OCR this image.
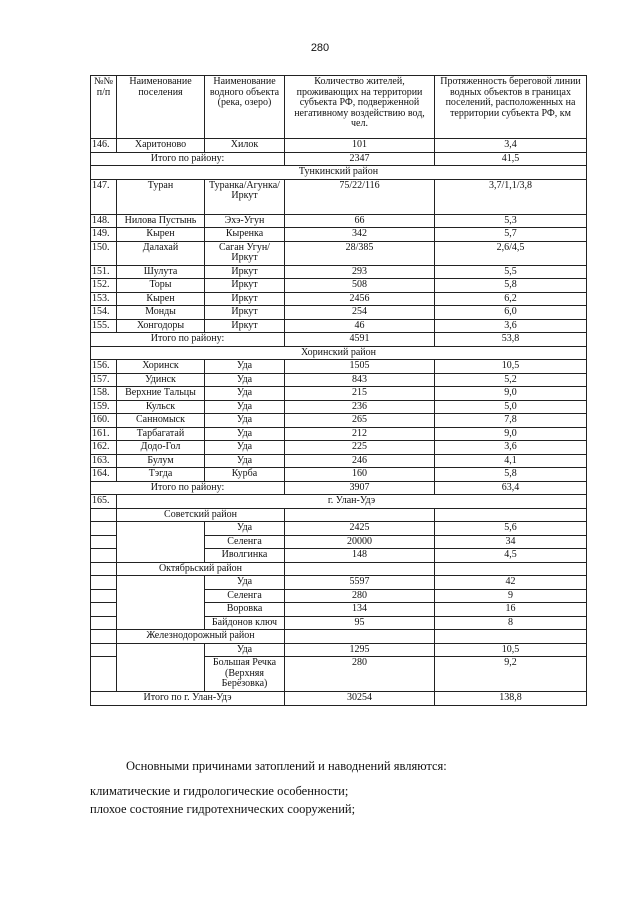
280
№№ п/п	Наименование поселения	Наименование водного объекта (река, озеро)	Количество жителей, проживающих на территории субъекта РФ, подверженной негативному воздействию вод, чел.	Протяженность береговой линии водных объектов в границах поселений, расположенных на территории субъекта РФ, км
146.	Харитоново	Хилок	101	3,4
Итого по району:			2347	41,5
Тункинский район				
147.	Туран	Туранка/Агунка/Иркут	75/22/116	3,7/1,1/3,8
148.	Нилова Пустынь	Эхэ-Угун	66	5,3
149.	Кырен	Кыренка	342	5,7
150.	Далахай	Саган Угун/Иркут	28/385	2,6/4,5
151.	Шулута	Иркут	293	5,5
152.	Торы	Иркут	508	5,8
153.	Кырен	Иркут	2456	6,2
154.	Монды	Иркут	254	6,0
155.	Хонгодоры	Иркут	46	3,6
Итого по району:			4591	53,8
Хоринский район				
156.	Хоринск	Уда	1505	10,5
157.	Удинск	Уда	843	5,2
158.	Верхние Тальцы	Уда	215	9,0
159.	Кульск	Уда	236	5,0
160.	Санномыск	Уда	265	7,8
161.	Тарбагатай	Уда	212	9,0
162.	Додо-Гол	Уда	225	3,6
163.	Булум	Уда	246	4,1
164.	Тэгда	Курба	160	5,8
Итого по району:			3907	63,4
165.	г. Улан-Удэ			
	Советский район			
		Уда	2425	5,6
		Селенга	20000	34
		Иволгинка	148	4,5
	Октябрьский район			
		Уда	5597	42
		Селенга	280	9
		Воровка	134	16
		Байдонов ключ	95	8
	Железнодорожный район			
		Уда	1295	10,5
		Большая Речка (Верхняя Берёзовка)	280	9,2
Итого по г. Улан-Удэ			30254	138,8
Основными причинами затоплений и наводнений являются:
климатические и гидрологические особенности;
плохое состояние гидротехнических сооружений;
